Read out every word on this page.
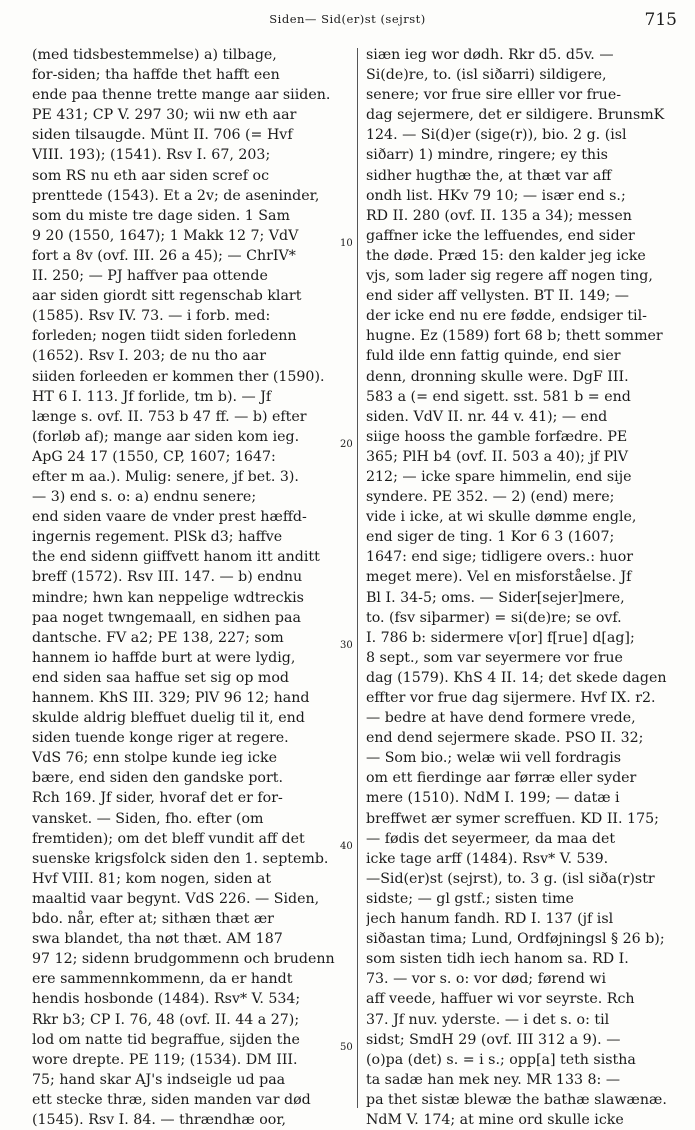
Siden— Sid(er)st (sejrst)	715
(med tidsbestemmelse) a) tilbage,
for-siden; tha haffde thet hafft een
ende paa thenne trette mange aar siiden.
PE 431; CP V. 297 30; wii nw eth aar
siden tilsaugde. Münt II. 706 (= Hvf
VIII. 193); (1541). Rsv I. 67, 203;
som RS nu eth aar siden scref oc
prenttede (1543). Et a 2v; de aseninder,
som du miste tre dage siden. 1 Sam
9 20 (1550, 1647); 1 Makk 12 7; VdV
fort a 8v (ovf. III. 26 a 45); — ChrIV*
II. 250; — PJ haffver paa ottende
aar siden giordt sitt regenschab klart
(1585). Rsv IV. 73. — i forb. med:
forleden; nogen tiidt siden forledenn
(1652). Rsv I. 203; de nu tho aar
siiden forleeden er kommen ther (1590).
HT 6 I. 113. Jf forlide, tm b). — Jf
længe s. ovf. II. 753 b 47 ff. — b) efter
(forløb af); mange aar siden kom ieg.
ApG 24 17 (1550, CP, 1607; 1647:
efter m aa.). Mulig: senere, jf bet. 3).
— 3) end s. o: a) endnu senere;
end siden vaare de vnder prest hæffd-
ingernis regement. PlSk d3; haffve
the end sidenn giiffvett hanom itt anditt
breff (1572). Rsv III. 147. — b) endnu
mindre; hwn kan neppelige wdtreckis
paa noget twngemaall, en sidhen paa
dantsche. FV a2; PE 138, 227; som
hannem io haffde burt at were lydig,
end siden saa haffue set sig op mod
hannem. KhS III. 329; PlV 96 12; hand
skulde aldrig bleffuet duelig til it, end
siden tuende konge riger at regere.
VdS 76; enn stolpe kunde ieg icke
bære, end siden den gandske port.
Rch 169. Jf sider, hvoraf det er for-
vansket. — Siden, fho. efter (om
fremtiden); om det bleff vundit aff det
suenske krigsfolck siden den 1. septemb.
Hvf VIII. 81; kom nogen, siden at
maaltid vaar begynt. VdS 226. — Siden,
bdo. når, efter at; sithæn thæt ær
swa blandet, tha nøt thæt. AM 187
97 12; sidenn brudgommenn och brudenn
ere sammennkommenn, da er handt
hendis hosbonde (1484). Rsv* V. 534;
Rkr b3; CP I. 76, 48 (ovf. II. 44 a 27);
lod om natte tid begraffue, sijden the
wore drepte. PE 119; (1534). DM III.
75; hand skar AJ's indseigle ud paa
ett stecke thræ, siden manden var død
(1545). Rsv I. 84. — thrændhæ oor,
siæn ieg wor dødh. Rkr d5. d5v. —
Si(de)re, to. (isl siðarri) sildigere,
senere; vor frue sire elller vor frue-
dag sejermere, det er sildigere. BrunsmK
124. — Si(d)er (sige(r)), bio. 2 g. (isl
siðarr) 1) mindre, ringere; ey this
sidher hugthæ the, at thæt var aff
ondh list. HKv 79 10; — især end s.;
RD II. 280 (ovf. II. 135 a 34); messen
gaffner icke the leffuendes, end sider
the døde. Præd 15: den kalder jeg icke
vjs, som lader sig regere aff nogen ting,
end sider aff vellysten. BT II. 149; —
der icke end nu ere fødde, endsiger til-
hugne. Ez (1589) fort 68 b; thett sommer
fuld ilde enn fattig quinde, end sier
denn, dronning skulle were. DgF III.
583 a (= end sigett. sst. 581 b = end
siden. VdV II. nr. 44 v. 41); — end
siige hooss the gamble forfædre. PE
365; PlH b4 (ovf. II. 503 a 40); jf PlV
212; — icke spare himmelin, end sije
syndere. PE 352. — 2) (end) mere;
vide i icke, at wi skulle dømme engle,
end siger de ting. 1 Kor 6 3 (1607;
1647: end sige; tidligere overs.: huor
meget mere). Vel en misforståelse. Jf
Bl I. 34-5; oms. — Sider[sejer]mere,
to. (fsv siþarmer) = si(de)re; se ovf.
I. 786 b: sidermere v[or] f[rue] d[ag];
8 sept., som var seyermere vor frue
dag (1579). KhS 4 II. 14; det skede dagen
effter vor frue dag sijermere. Hvf IX. r2.
— bedre at have dend formere vrede,
end dend sejermere skade. PSO II. 32;
— Som bio.; welæ wii vell fordragis
om ett fierdinge aar førræ eller syder
mere (1510). NdM I. 199; — datæ i
breffwet ær symer screffuen. KD II. 175;
— fødis det seyermeer, da maa det
icke tage arff (1484). Rsv* V. 539.
—Sid(er)st (sejrst), to. 3 g. (isl siða(r)str
sidste; — gl gstf.; sisten time
jech hanum fandh. RD I. 137 (jf isl
siðastan tima; Lund, Ordføjningsl § 26 b);
som sisten tidh iech hanom sa. RD I.
73. — vor s. o: vor død; førend wi
aff veede, haffuer wi vor seyrste. Rch
37. Jf nuv. yderste. — i det s. o: til
sidst; SmdH 29 (ovf. III 312 a 9). —
(o)pa (det) s. = i s.; opp[a] teth sistha
ta sadæ han mek ney. MR 133 8: —
pa thet sistæ blewæ the bathæ slawænæ.
NdM V. 174; at mine ord skulle icke
10
20
30
40
50
